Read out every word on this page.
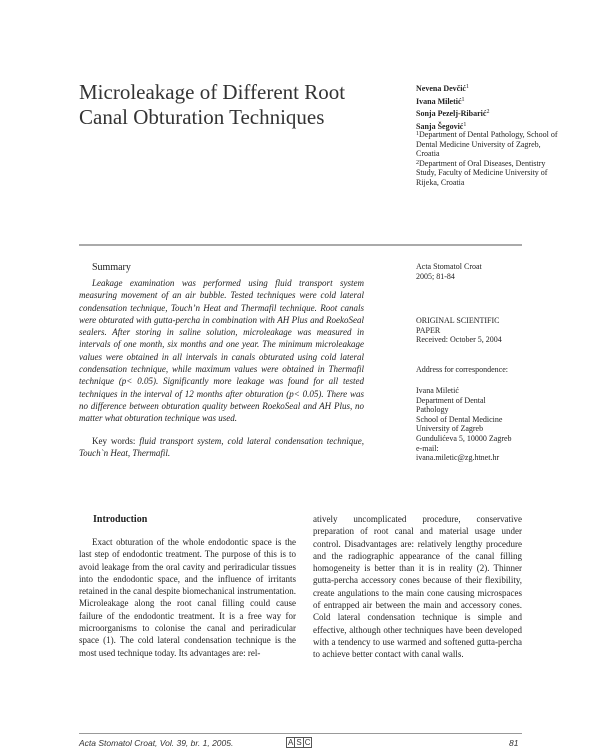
Microleakage of Different Root
Canal Obturation Techniques
Nevena Devčić$^1$
Ivana Miletić$^1$
Sonja Pezelj-Ribarić$^2$
Sanja Šegović$^1$

$^1$Department of Dental Pathology, School of Dental Medicine University of Zagreb, Croatia

$^2$Department of Oral Diseases, Dentistry Study, Faculty of Medicine University of Rijeka, Croatia

Summary

Leakage examination was performed using fluid transport system measuring movement of an air bubble. Tested techniques were cold lateral condensation technique, Touch’n Heat and Thermafil technique. Root canals were obturated with gutta-percha in combination with AH Plus and RoekoSeal sealers. After storing in saline solution, microleakage was measured in intervals of one month, six months and one year. The minimum microleakage values were obtained in all intervals in canals obturated using cold lateral condensation technique, while maximum values were obtained in Thermafil technique (p< 0.05). Significantly more leakage was found for all tested techniques in the interval of 12 months after obturation (p< 0.05). There was no difference between obturation quality between RoekoSeal and AH Plus, no matter what obturation technique was used.

Key words: fluid transport system, cold lateral condensation technique, Touch`n Heat, Thermafil.

Acta Stomatol Croat

2005; 81-84

ORIGINAL SCIENTIFIC

PAPER

Received: October 5, 2004

Address for correspondence:

Ivana Miletić

Department of Dental Pathology

School of Dental Medicine

University of Zagreb

Gundulićeva 5, 10000 Zagreb

e-mail:

ivana.miletic@zg.htnet.hr

Introduction

Exact obturation of the whole endodontic space is the last step of endodontic treatment. The purpose of this is to avoid leakage from the oral cavity and periradicular tissues into the endodontic space, and the influence of irritants retained in the canal despite biomechanical instrumentation. Microleakage along the root canal filling could cause failure of the endodontic treatment. It is a free way for microorganisms to colonise the canal and periradicular space (1). The cold lateral condensation technique is the most used technique today. Its advantages are: rel-

atively uncomplicated procedure, conservative preparation of root canal and material usage under control. Disadvantages are: relatively lengthy procedure and the radiographic appearance of the canal filling homogeneity is better than it is in reality (2). Thinner gutta-percha accessory cones because of their flexibility, create angulations to the main cone causing microspaces of entrapped air between the main and accessory cones. Cold lateral condensation technique is simple and effective, although other techniques have been developed with a tendency to use warmed and softened gutta-percha to achieve better contact with canal walls.

Acta Stomatol Croat, Vol. 39, br. 1, 2005.	A S C	81
